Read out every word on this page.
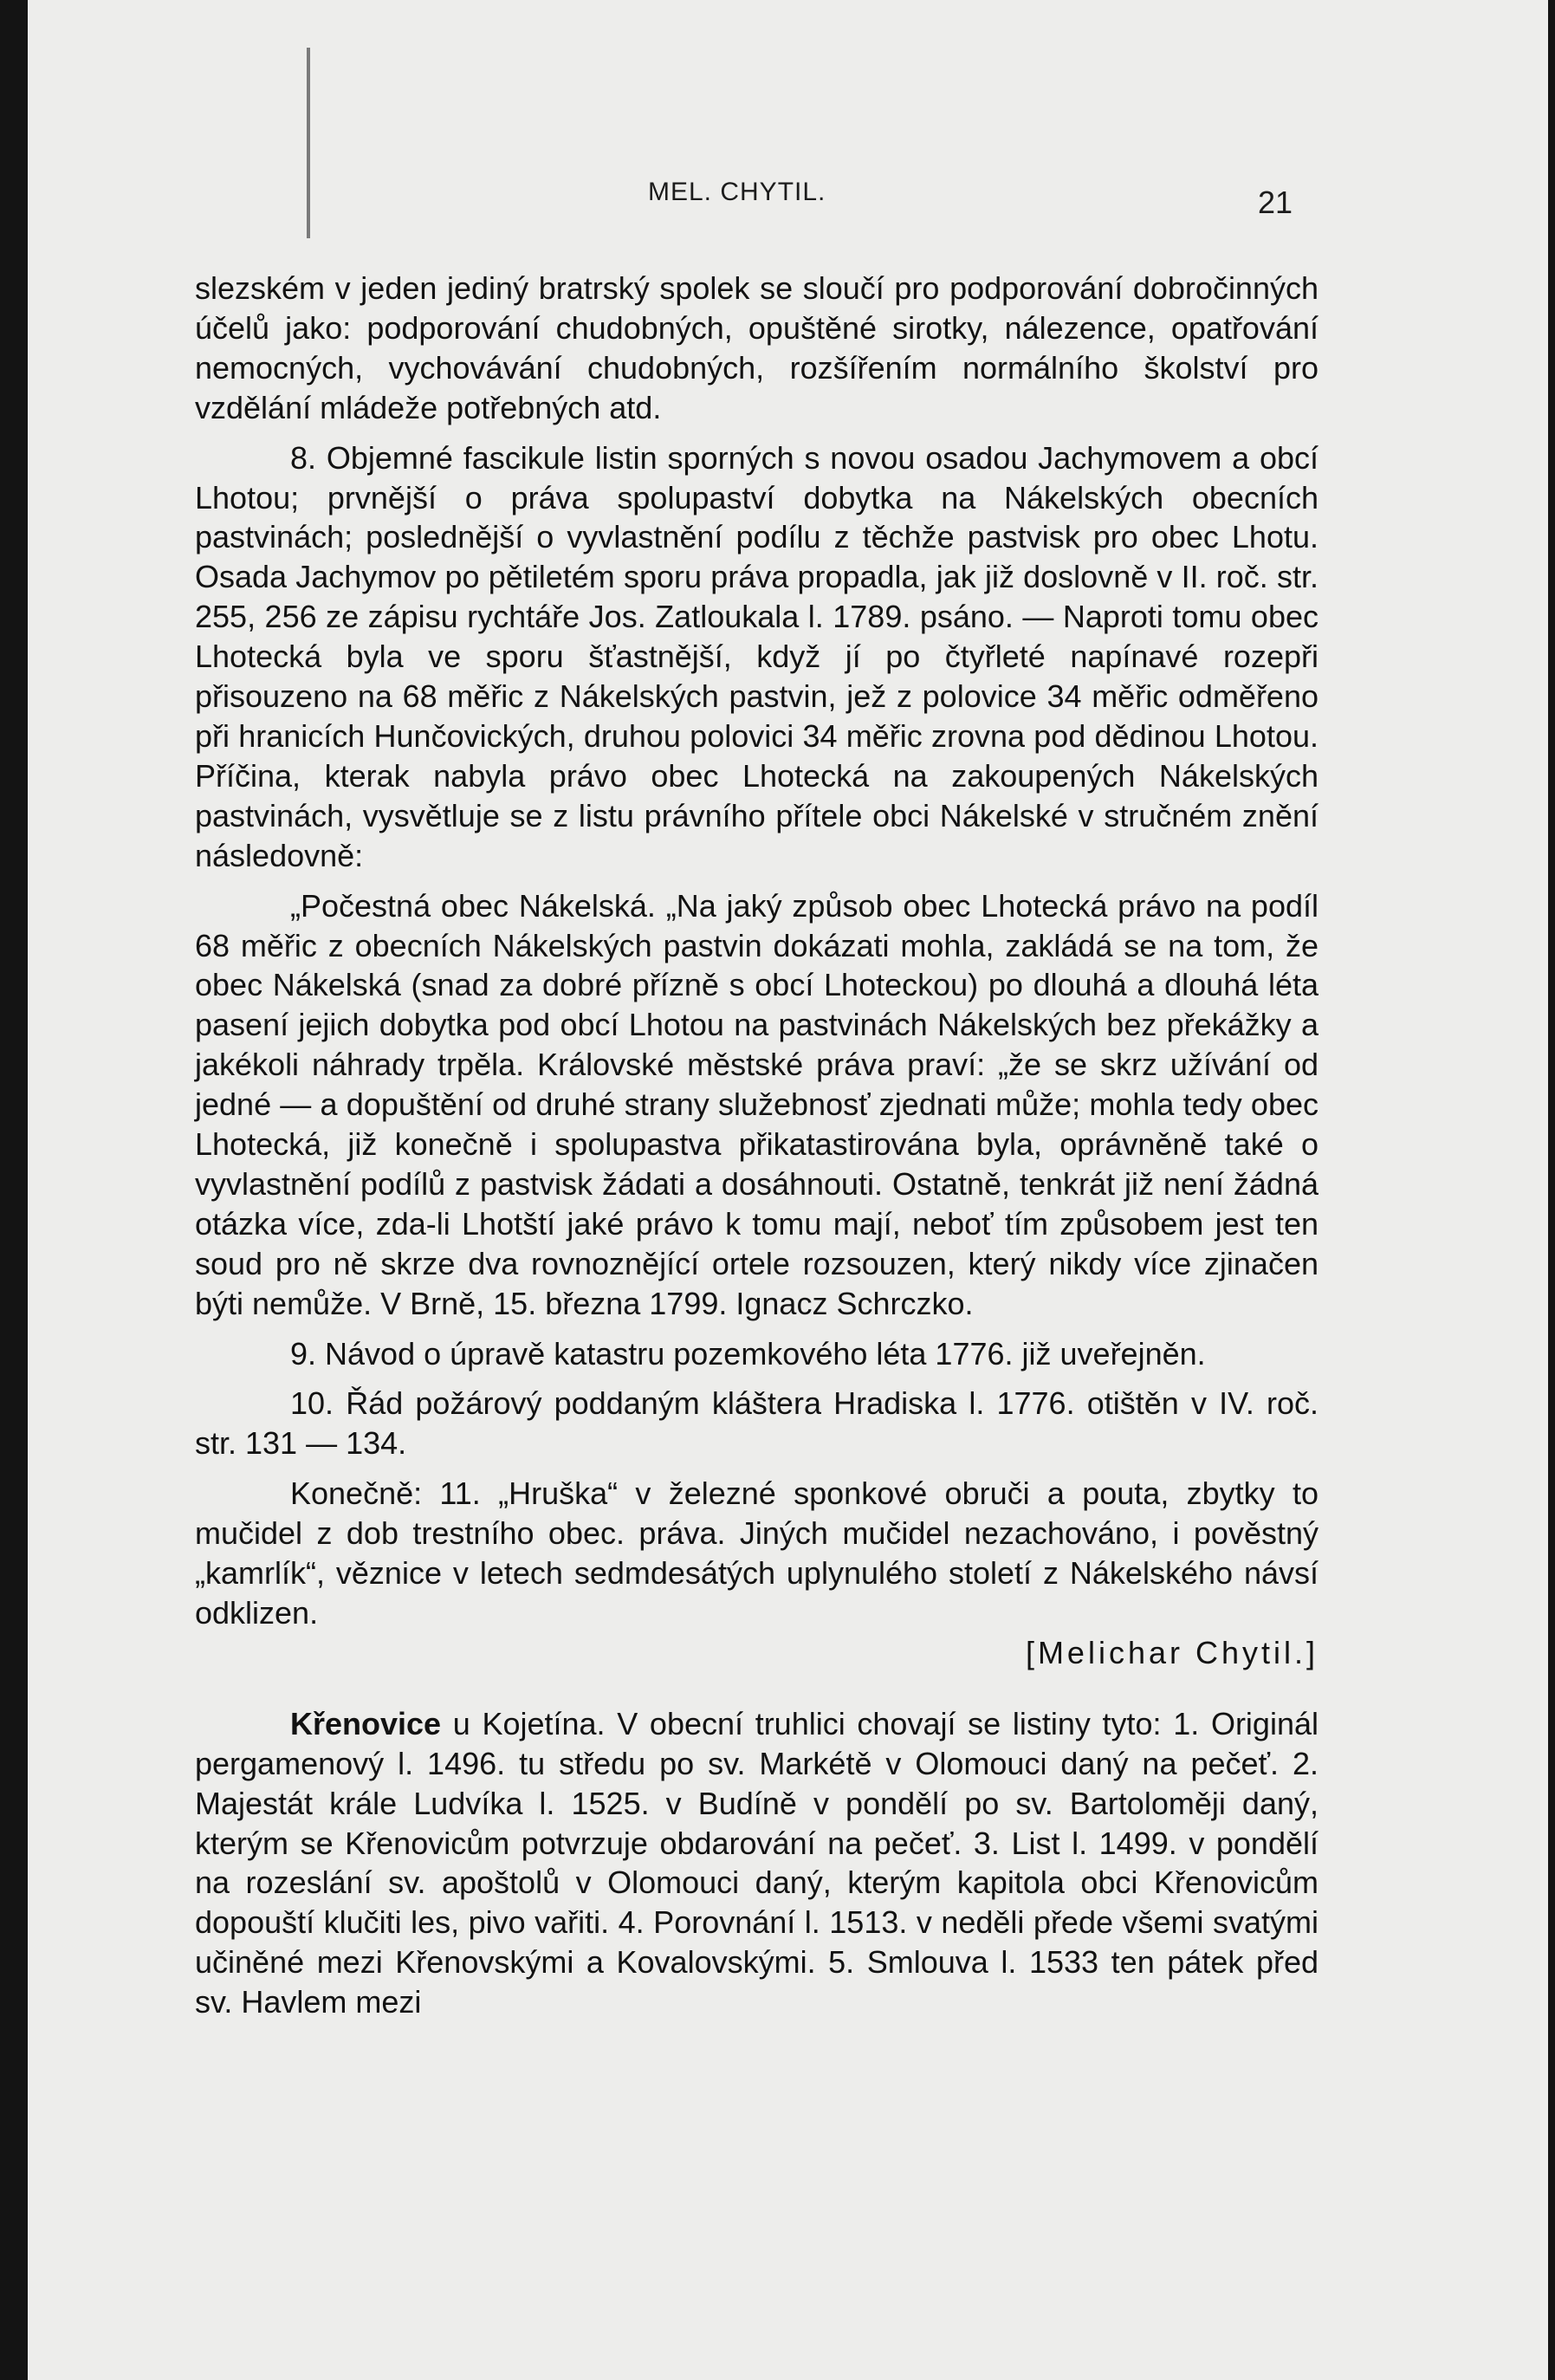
MEL. CHYTIL.	21

slezském v jeden jediný bratrský spolek se sloučí pro podporování dobročinných účelů jako: podporování chudobných, opuštěné sirotky, nálezence, opatřování nemocných, vychovávání chudobných, rozšířením normálního školství pro vzdělání mládeže potřebných atd.

8. Objemné fascikule listin sporných s novou osadou Jachymovem a obcí Lhotou; prvnější o práva spolupaství dobytka na Nákelských obecních pastvinách; poslednější o vyvlastnění podílu z těchže pastvisk pro obec Lhotu. Osada Jachymov po pětiletém sporu práva propadla, jak již doslovně v II. roč. str. 255, 256 ze zápisu rychtáře Jos. Zatloukala l. 1789. psáno. — Naproti tomu obec Lhotecká byla ve sporu šťastnější, když jí po čtyřleté napínavé rozepři přisouzeno na 68 měřic z Nákelských pastvin, jež z polovice 34 měřic odměřeno při hranicích Hunčovických, druhou polovici 34 měřic zrovna pod dědinou Lhotou. Příčina, kterak nabyla právo obec Lhotecká na zakoupených Nákelských pastvinách, vysvětluje se z listu právního přítele obci Nákelské v stručném znění následovně:

„Počestná obec Nákelská. „Na jaký způsob obec Lhotecká právo na podíl 68 měřic z obecních Nákelských pastvin dokázati mohla, zakládá se na tom, že obec Nákelská (snad za dobré přízně s obcí Lhoteckou) po dlouhá a dlouhá léta pasení jejich dobytka pod obcí Lhotou na pastvinách Nákelských bez překážky a jakékoli náhrady trpěla. Královské městské práva praví: „že se skrz užívání od jedné — a dopuštění od druhé strany služebnosť zjednati může; mohla tedy obec Lhotecká, již konečně i spolupastva přikatastirována byla, oprávněně také o vyvlastnění podílů z pastvisk žádati a dosáhnouti. Ostatně, tenkrát již není žádná otázka více, zda-li Lhotští jaké právo k tomu mají, neboť tím způsobem jest ten soud pro ně skrze dva rovnoznějící ortele rozsouzen, který nikdy více zjinačen býti nemůže. V Brně, 15. března 1799. Ignacz Schrczko.

9. Návod o úpravě katastru pozemkového léta 1776. již uveřejněn.

10. Řád požárový poddaným kláštera Hradiska l. 1776. otištěn v IV. roč. str. 131 — 134.

Konečně: 11. „Hruška“ v železné sponkové obruči a pouta, zbytky to mučidel z dob trestního obec. práva. Jiných mučidel nezachováno, i pověstný „kamrlík“, věznice v letech sedmdesátých uplynulého století z Nákelského návsí odklizen.

[Melichar Chytil.]

Křenovice u Kojetína. V obecní truhlici chovají se listiny tyto: 1. Originál pergamenový l. 1496. tu středu po sv. Markétě v Olomouci daný na pečeť. 2. Majestát krále Ludvíka l. 1525. v Budíně v pondělí po sv. Bartoloměji daný, kterým se Křenovicům potvrzuje obdarování na pečeť. 3. List l. 1499. v pondělí na rozeslání sv. apoštolů v Olomouci daný, kterým kapitola obci Křenovicům dopouští klučiti les, pivo vařiti. 4. Porovnání l. 1513. v neděli přede všemi svatými učiněné mezi Křenovskými a Kovalovskými. 5. Smlouva l. 1533 ten pátek před sv. Havlem mezi
